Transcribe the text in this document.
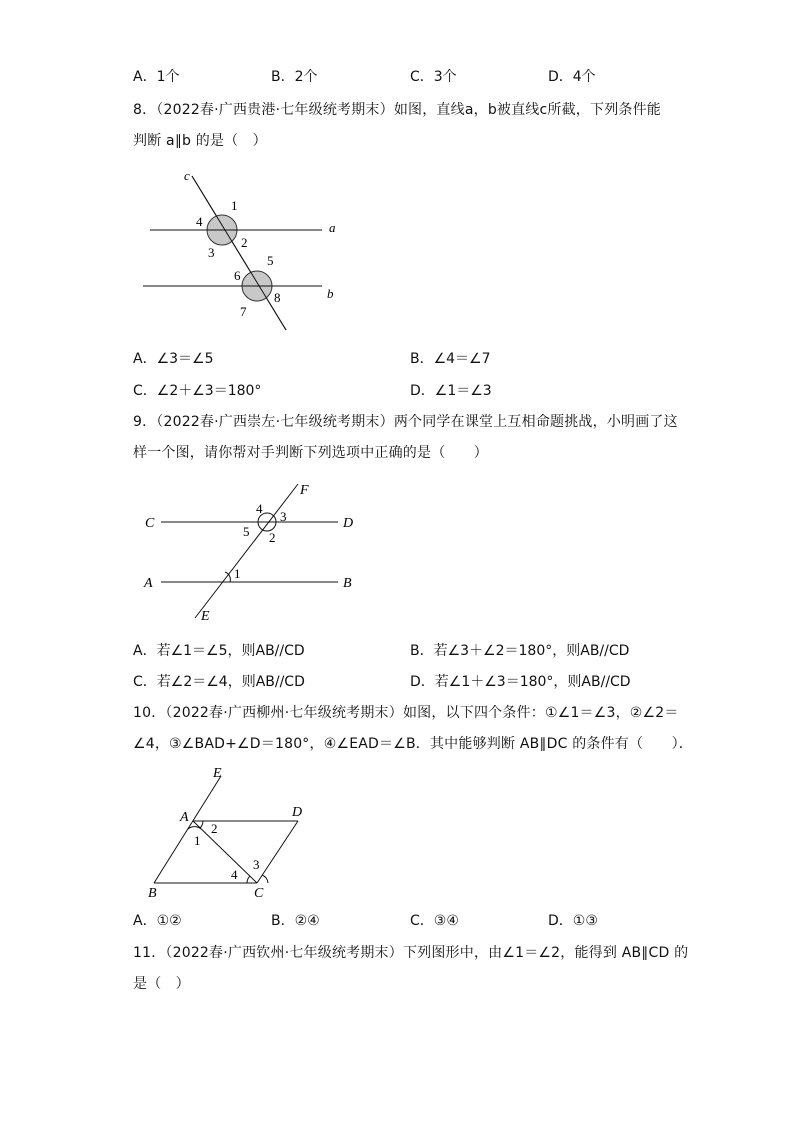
A．1个	B．2个	C．3个	D．4个
8．（2022春·广西贵港·七年级统考期末）如图，直线a，b被直线c所截，下列条件能
判断 a∥b 的是（　）
c
1
4
2
3
a
5
6
8	b
7
A．∠3＝∠5	B．∠4＝∠7
C．∠2＋∠3＝180°	D．∠1＝∠3
9．（2022春·广西崇左·七年级统考期末）两个同学在课堂上互相命题挑战，小明画了这
样一个图，请你帮对手判断下列选项中正确的是（　　）
F
4
3
C	D
5 2
1
A	B
E
A．若∠1＝∠5，则AB//CD	B．若∠3＋∠2＝180°，则AB//CD
C．若∠2＝∠4，则AB//CD	D．若∠1＋∠3＝180°，则AB//CD
10．（2022春·广西柳州·七年级统考期末）如图，以下四个条件：①∠1＝∠3，②∠2＝
∠4，③∠BAD+∠D＝180°，④∠EAD＝∠B．其中能够判断 AB∥DC 的条件有（　　）．
E
A	D
2
1
3
4
B	C
A．①②	B．②④	C．③④	D．①③
11．（2022春·广西钦州·七年级统考期末）下列图形中，由∠1＝∠2，能得到 AB∥CD 的
是（　）
